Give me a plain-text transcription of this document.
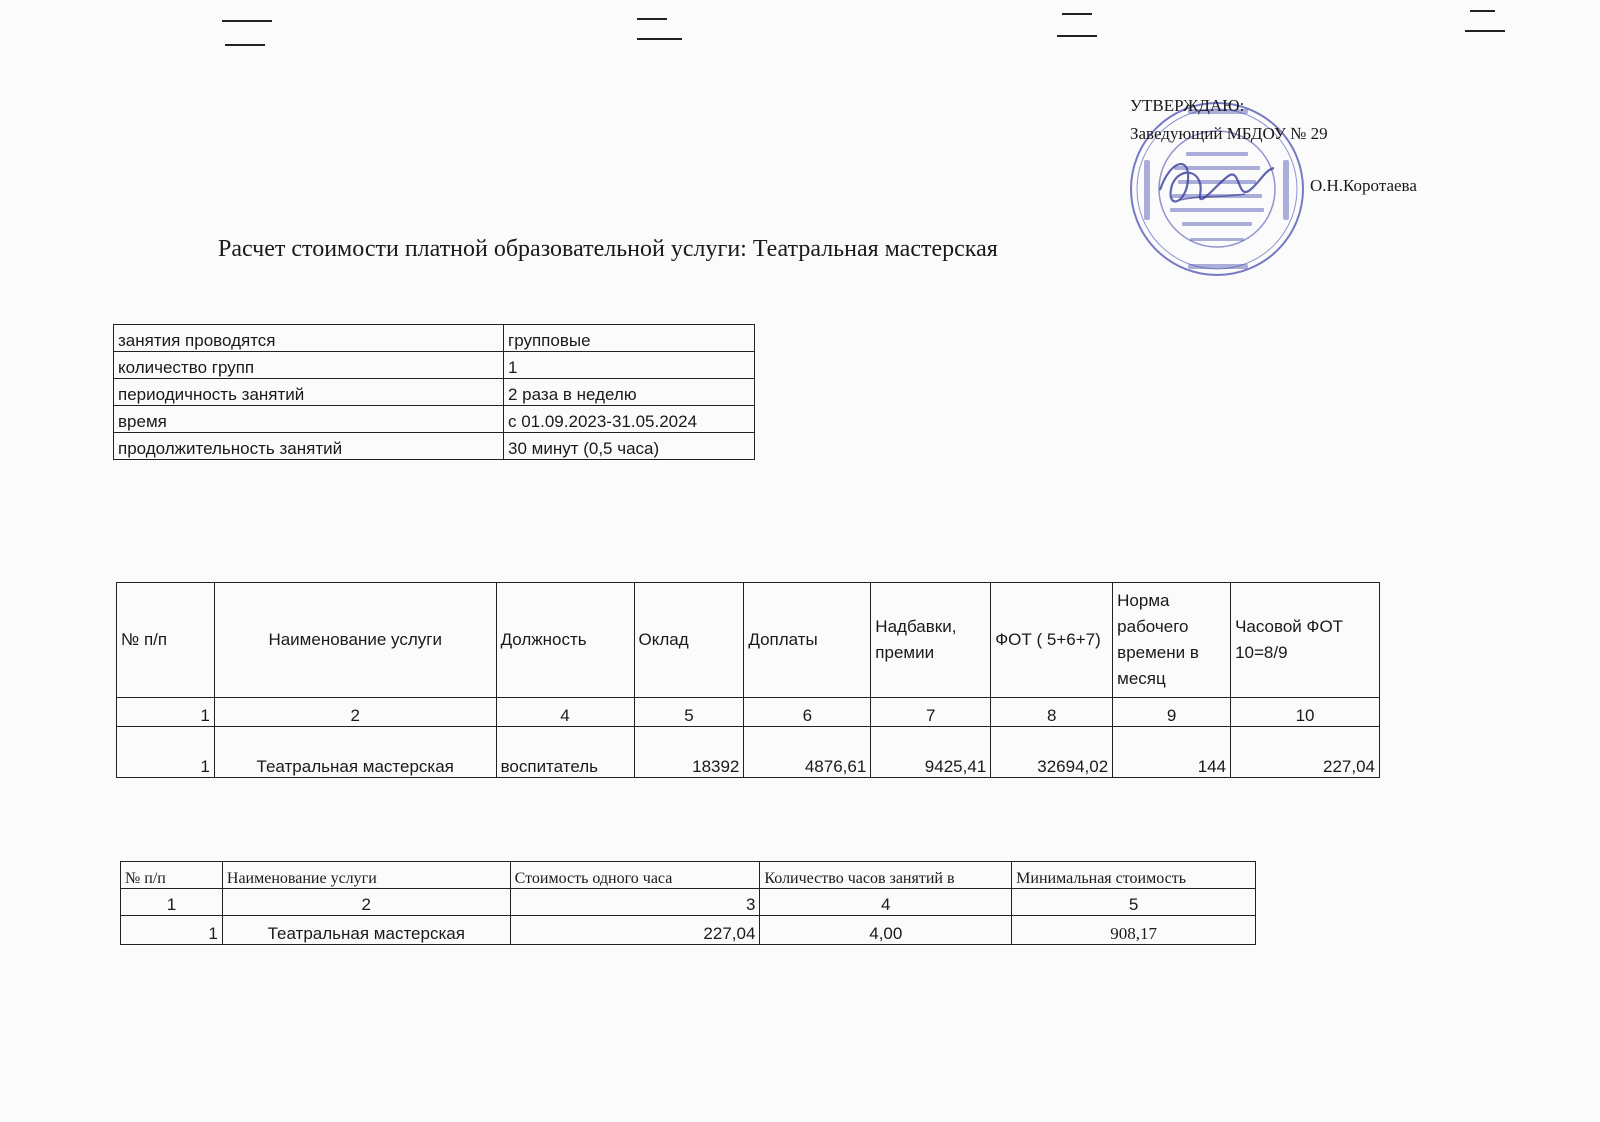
УТВЕРЖДАЮ:
Заведующий МБДОУ № 29
О.Н.Коротаева
Расчет стоимости платной образовательной услуги: Театральная мастерская
занятия проводятся	групповые
количество групп	1
периодичность занятий	2 раза в неделю
время	с 01.09.2023-31.05.2024
продолжительность занятий	30 минут (0,5 часа)
№ п/п	Наименование услуги	Должность	Оклад	Доплаты	Надбавки, премии	ФОТ ( 5+6+7)	Норма рабочего времени в месяц	Часовой ФОТ 10=8/9
1	2	4	5	6	7	8	9	10
1	Театральная мастерская	воспитатель	18392	4876,61	9425,41	32694,02	144	227,04
№ п/п	Наименование услуги	Стоимость одного часа	Количество часов занятий в	Минимальная стоимость
1	2	3	4	5
1	Театральная мастерская	227,04	4,00	908,17
